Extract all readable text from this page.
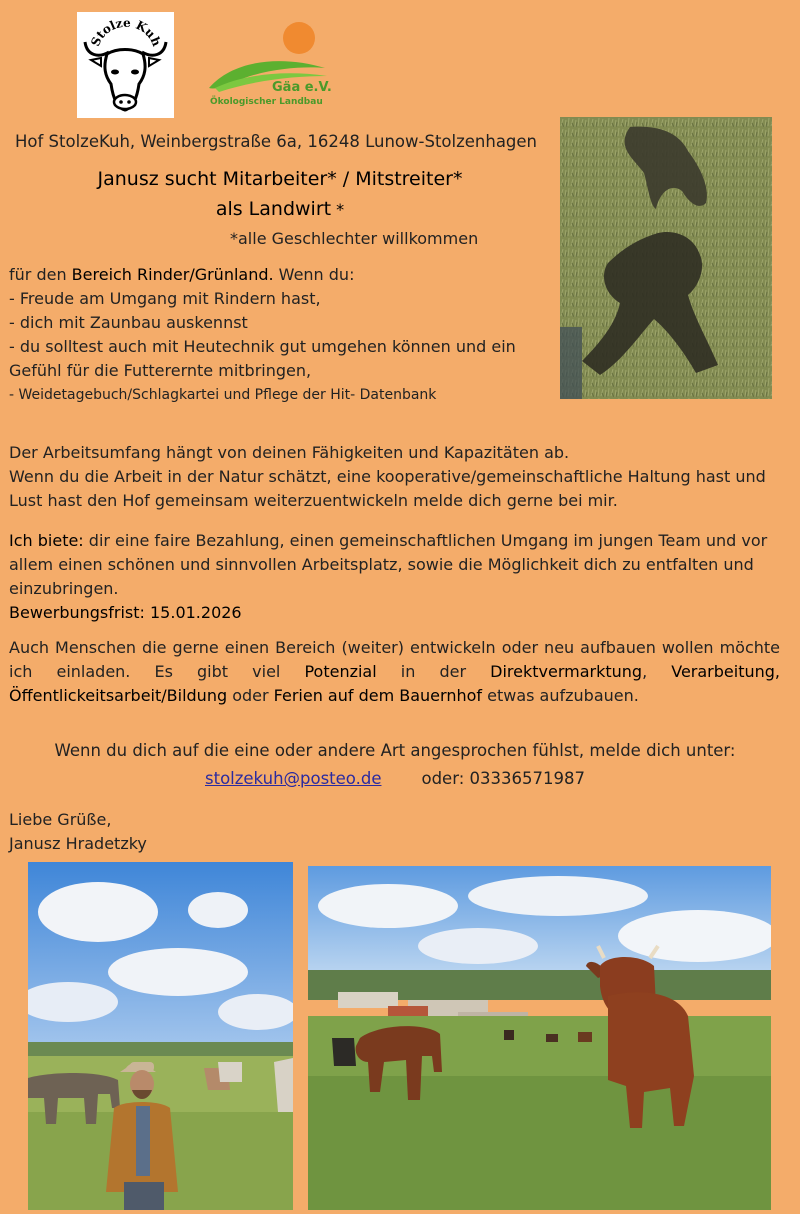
Stolze Kuh
Gäa e.V.
Ökologischer Landbau
Hof StolzeKuh, Weinbergstraße 6a, 16248 Lunow-Stolzenhagen
Janusz sucht Mitarbeiter* / Mitstreiter*
als Landwirt *
*alle Geschlechter willkommen

für den Bereich Rinder/Grünland. Wenn du:

- Freude am Umgang mit Rindern hast,

- dich mit Zaunbau auskennst

- du solltest auch mit Heutechnik gut umgehen können und ein Gefühl für die Futterernte mitbringen,

- Weidetagebuch/Schlagkartei und Pflege der Hit- Datenbank

Der Arbeitsumfang hängt von deinen Fähigkeiten und Kapazitäten ab.

Wenn du die Arbeit in der Natur schätzt, eine kooperative/gemeinschaftliche Haltung hast und Lust hast den Hof gemeinsam weiterzuentwickeln melde dich gerne bei mir.

Ich biete: dir eine faire Bezahlung, einen gemeinschaftlichen Umgang im jungen Team und vor allem einen schönen und sinnvollen Arbeitsplatz, sowie die Möglichkeit dich zu entfalten und einzubringen.

Bewerbungsfrist: 15.01.2026

Auch Menschen die gerne einen Bereich (weiter) entwickeln oder neu aufbauen wollen möchte ich einladen. Es gibt viel Potenzial in der Direktvermarktung, Verarbeitung, Öffentlickeitsarbeit/Bildung oder Ferien auf dem Bauernhof etwas aufzubauen.

Wenn du dich auf die eine oder andere Art angesprochen fühlst, melde dich unter:
stolzekuh@posteo.de oder: 03336571987
Liebe Grüße,
Janusz Hradetzky
